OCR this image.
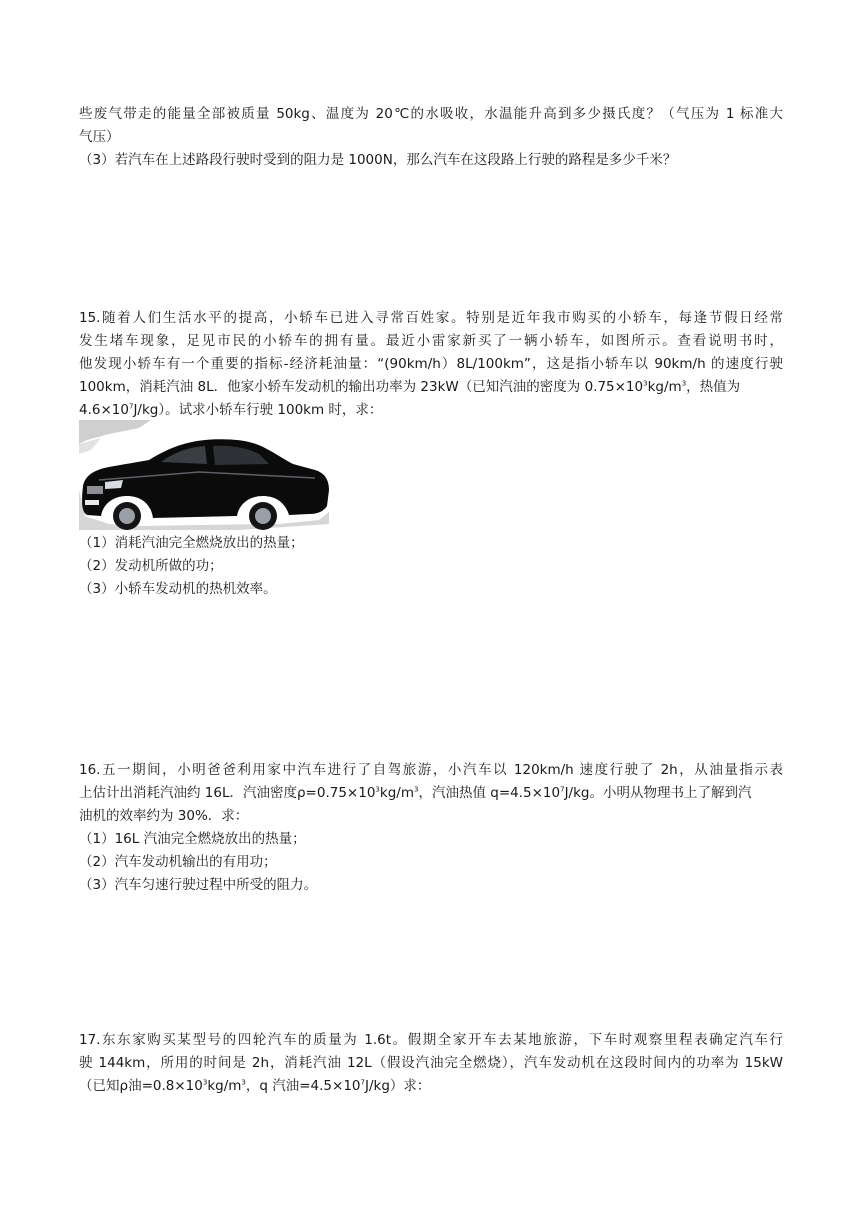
些废气带走的能量全部被质量 50kg、温度为 20℃的水吸收，水温能升高到多少摄氏度？（气压为 1 标准大
气压）
（3）若汽车在上述路段行驶时受到的阻力是 1000N，那么汽车在这段路上行驶的路程是多少千米？
15.随着人们生活水平的提高，小轿车已进入寻常百姓家。特别是近年我市购买的小轿车，每逢节假日经常
发生堵车现象，足见市民的小轿车的拥有量。最近小雷家新买了一辆小轿车，如图所示。查看说明书时，
他发现小轿车有一个重要的指标-经济耗油量：“(90km/h）8L/100km”，这是指小轿车以 90km/h 的速度行驶
100km，消耗汽油 8L．他家小轿车发动机的输出功率为 23kW（已知汽油的密度为 $0.75\times 10^3kg/m^3$，热值为
$4.6\times 10^7J/kg$）。试求小轿车行驶 100km 时，求：
（1）消耗汽油完全燃烧放出的热量；
（2）发动机所做的功；
（3）小轿车发动机的热机效率。
16.五一期间，小明爸爸利用家中汽车进行了自驾旅游，小汽车以 120km/h 速度行驶了 2h，从油量指示表
上估计出消耗汽油约 16L．汽油密度$\rho=0.75\times 10^3kg/m^3$，汽油热值 $q=4.5\times 10^7J/kg$。小明从物理书上了解到汽
油机的效率约为 30%．求：
（1）16L 汽油完全燃烧放出的热量；
（2）汽车发动机输出的有用功；
（3）汽车匀速行驶过程中所受的阻力。
17.东东家购买某型号的四轮汽车的质量为 1.6t。假期全家开车去某地旅游，下车时观察里程表确定汽车行
驶 144km，所用的时间是 2h，消耗汽油 12L（假设汽油完全燃烧），汽车发动机在这段时间内的功率为 15kW
（已知ρ油$=0.8\times 10^3kg/m^3$，q 汽油$=4.5\times 10^7J/kg$）求：
